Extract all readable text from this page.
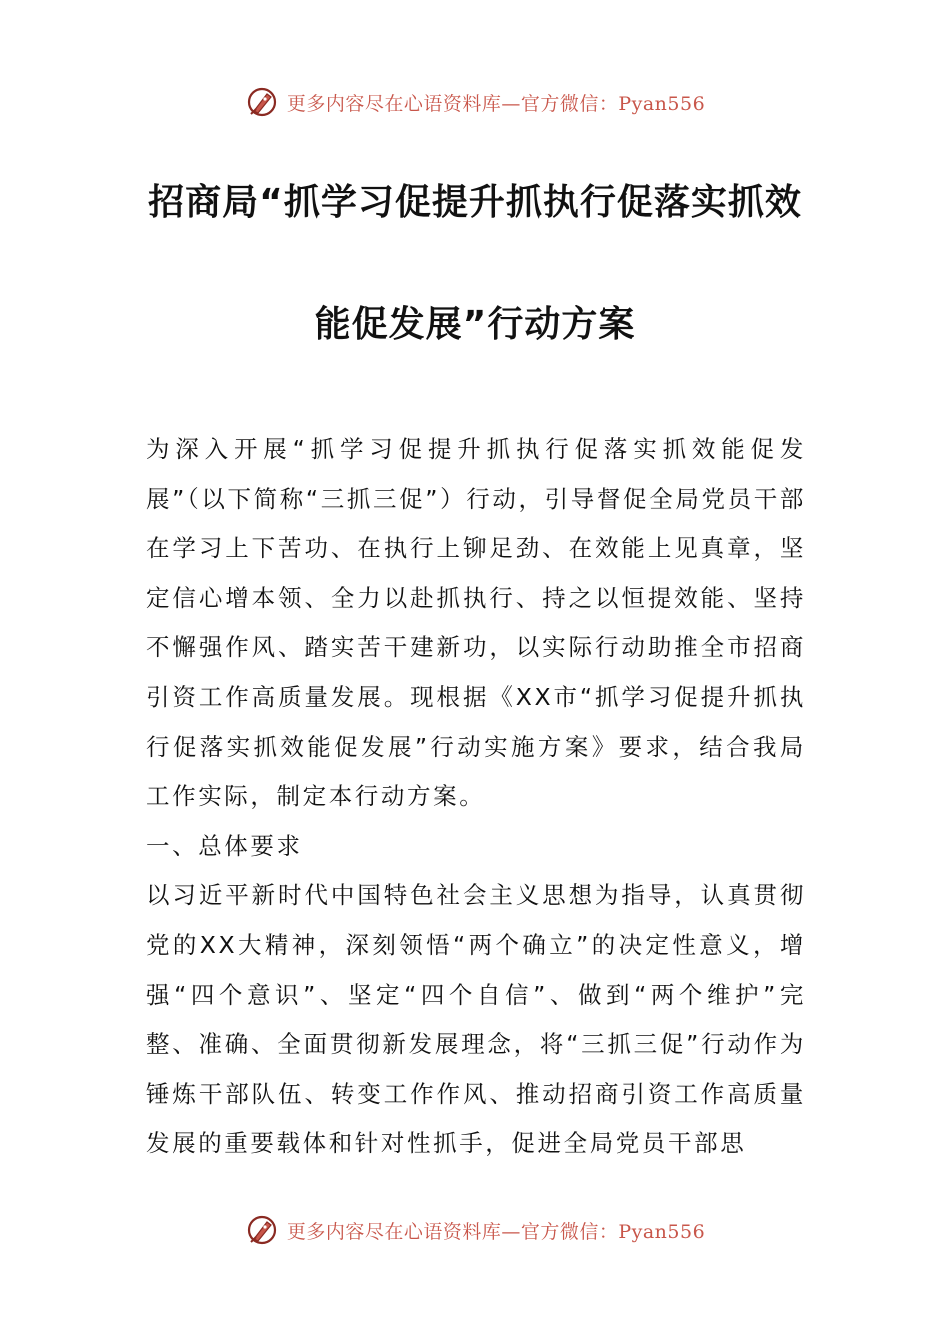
更多内容尽在心语资料库—官方微信：Pyan556
招商局“抓学习促提升抓执行促落实抓效
能促发展”行动方案

为深入开展“抓学习促提升抓执行促落实抓效能促发展”（以下简称“三抓三促”）行动，引导督促全局党员干部在学习上下苦功、在执行上铆足劲、在效能上见真章，坚定信心增本领、全力以赴抓执行、持之以恒提效能、坚持不懈强作风、踏实苦干建新功，以实际行动助推全市招商引资工作高质量发展。现根据《XX市“抓学习促提升抓执行促落实抓效能促发展”行动实施方案》要求，结合我局工作实际，制定本行动方案。

一、总体要求

以习近平新时代中国特色社会主义思想为指导，认真贯彻党的XX大精神，深刻领悟“两个确立”的决定性意义，增强“四个意识”、坚定“四个自信”、做到“两个维护”完整、准确、全面贯彻新发展理念，将“三抓三促”行动作为锤炼干部队伍、转变工作作风、推动招商引资工作高质量发展的重要载体和针对性抓手，促进全局党员干部思

更多内容尽在心语资料库—官方微信：Pyan556
